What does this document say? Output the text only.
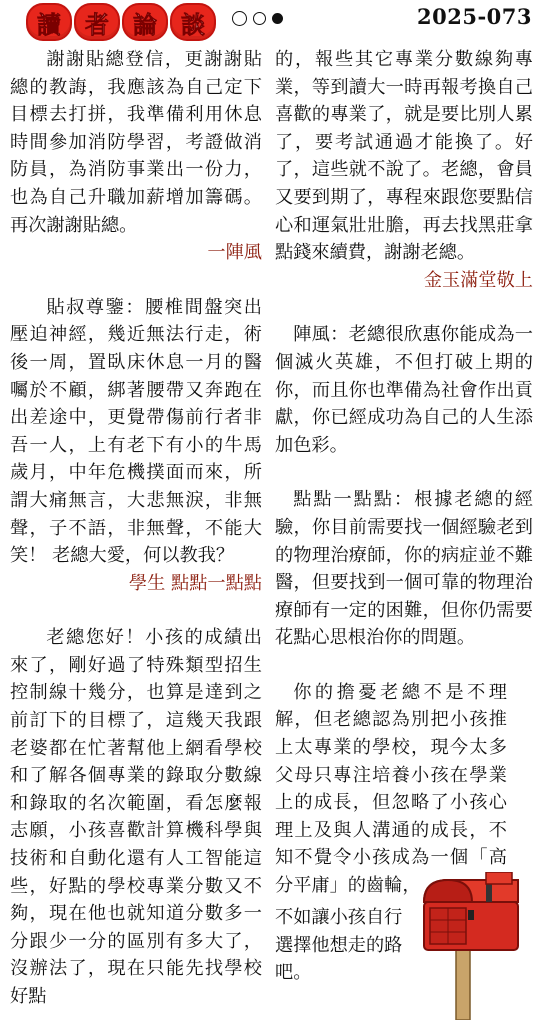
讀 者 論 談	2025-073

謝謝貼總登信，更謝謝貼總的教誨，我應該為自己定下目標去打拼，我準備利用休息時間參加消防學習，考證做消防員，為消防事業出一份力，也為自己升職加薪增加籌碼。再次謝謝貼總。

一陣風

貼叔尊鑒：腰椎間盤突出壓迫神經，幾近無法行走，術後一周，置臥床休息一月的醫囑於不顧，綁著腰帶又奔跑在出差途中，更覺帶傷前行者非吾一人，上有老下有小的牛馬歲月，中年危機撲面而來，所謂大痛無言，大悲無淚，非無聲，子不語，非無聲，不能大笑！ 老總大愛，何以教我？

學生 點點一點點

老總您好！小孩的成績出來了，剛好過了特殊類型招生控制線十幾分，也算是達到之前訂下的目標了，這幾天我跟老婆都在忙著幫他上網看學校和了解各個專業的錄取分數線和錄取的名次範圍，看怎麼報志願，小孩喜歡計算機科學與技術和自動化還有人工智能這些，好點的學校專業分數又不夠，現在他也就知道分數多一分跟少一分的區別有多大了，沒辦法了，現在只能先找學校好點

的，報些其它專業分數線夠專業，等到讀大一時再報考換自己喜歡的專業了，就是要比別人累了，要考試通過才能換了。好了，這些就不說了。老總，會員又要到期了，專程來跟您要點信心和運氣壯壯膽，再去找黑莊拿點錢來續費，謝謝老總。

金玉滿堂敬上

陣風：老總很欣惠你能成為一個滅火英雄，不但打破上期的你，而且你也準備為社會作出貢獻，你已經成功為自己的人生添加色彩。

點點一點點：根據老總的經驗，你目前需要找一個經驗老到的物理治療師，你的病症並不難醫，但要找到一個可靠的物理治療師有一定的困難，但你仍需要花點心思根治你的問題。

你的擔憂老總不是不理解，但老總認為別把小孩推上太專業的學校，現今太多父母只專注培養小孩在學業上的成長，但忽略了小孩心理上及與人溝通的成長，不知不覺令小孩成為一個「高分平庸」的齒輪，

不如讓小孩自行選擇他想走的路吧。
